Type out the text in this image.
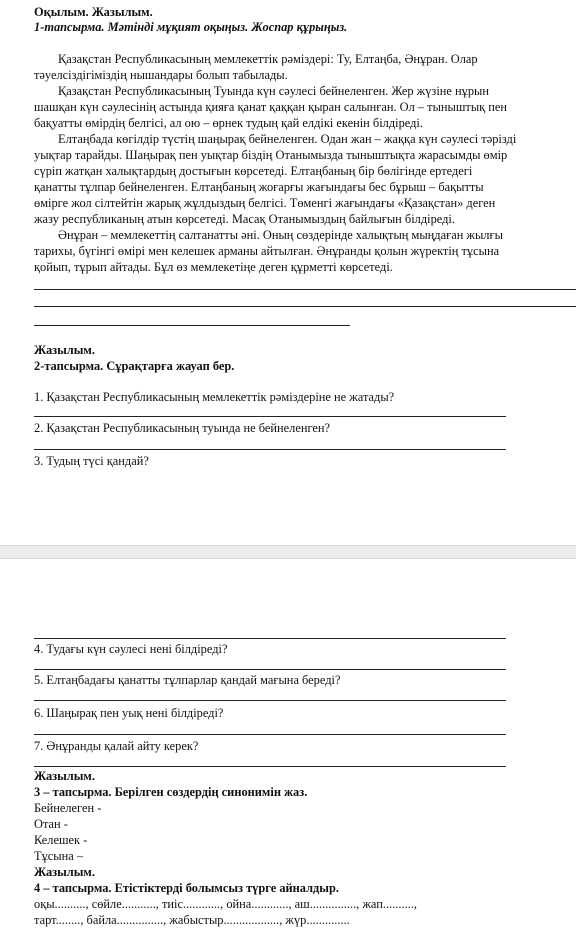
Оқылым. Жазылым.
1-тапсырма. Мәтінді мұқият оқыңыз. Жоспар құрыңыз.
Қазақстан Республикасының мемлекеттік рәміздері: Ту, Елтаңба, Әнұран. Олар
тәуелсіздігіміздің нышандары болып табылады.
Қазақстан Республикасының Туында күн сәулесі бейнеленген. Жер жүзіне нұрын
шашқан күн сәулесінің астында қияға қанат қаққан қыран салынған. Ол – тыныштық пен
бақуатты өмірдің белгісі, ал ою – өрнек тудың қай елдікі екенін білдіреді.
Елтаңбада көгілдір түстің шаңырақ бейнеленген. Одан жан – жаққа күн сәулесі тәрізді
уықтар тарайды. Шаңырақ пен уықтар біздің Отанымызда тыныштықта жарасымды өмір
сүріп жатқан халықтардың достығын көрсетеді. Елтаңбаның бір бөлігінде ертедегі
қанатты тұлпар бейнеленген. Елтаңбаның жоғарғы жағындағы бес бұрыш – бақытты
өмірге жол сілтейтін жарық жұлдыздың белгісі. Төменгі жағындағы «Қазақстан» деген
жазу республиканың атын көрсетеді. Масақ Отанымыздың байлығын білдіреді.
Әнұран – мемлекеттің салтанатты әні. Оның сөздерінде халықтың мыңдаған жылғы
тарихы, бүгінгі өмірі мен келешек арманы айтылған. Әнұранды қолын жүректің тұсына
қойып, тұрып айтады. Бұл өз мемлекетіңе деген құрметті көрсетеді.
Жазылым.
2-тапсырма. Сұрақтарға жауап бер.
1. Қазақстан Республикасының мемлекеттік рәміздеріне не жатады?
2. Қазақстан Республикасының туында не бейнеленген?
3. Тудың түсі қандай?
4. Тудағы күн сәулесі нені білдіреді?
5. Елтаңбадағы қанатты тұлпарлар қандай мағына береді?
6. Шаңырақ пен уық нені білдіреді?
7. Әнұранды қалай айту керек?
Жазылым.
3 – тапсырма. Берілген сөздердің синонимін жаз.
Бейнелеген -
Отан -
Келешек -
Тұсына –
Жазылым.
4 – тапсырма. Етістіктерді болымсыз түрге айналдыр.
оқы.........., сөйле..........., тиіс............, ойна............, аш..............., жап..........,
тарт........, байла..............., жабыстыр.................., жүр..............
